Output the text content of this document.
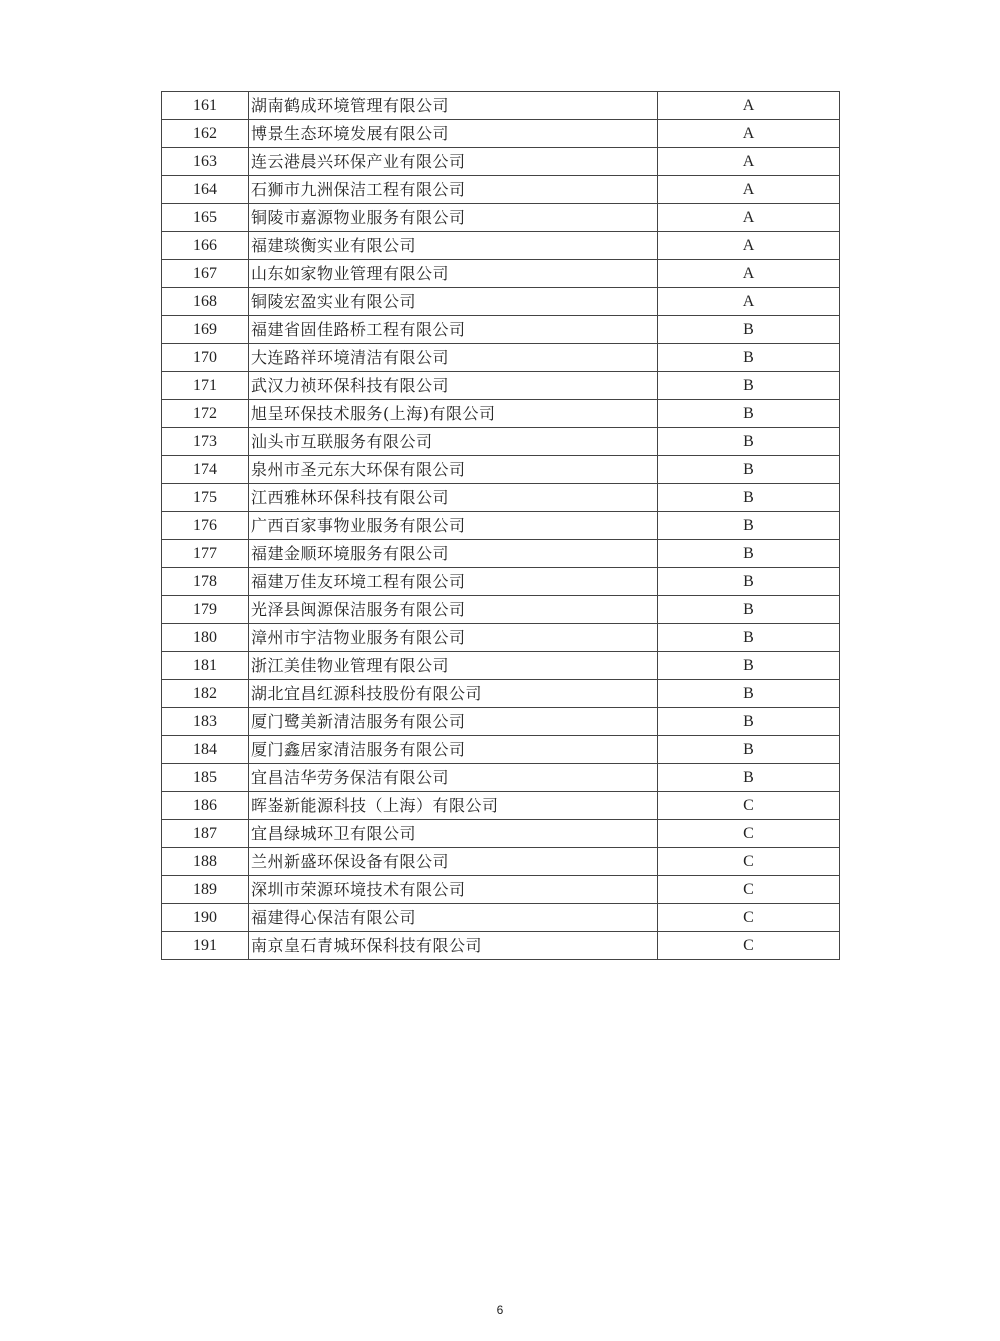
161	湖南鹤成环境管理有限公司	A
162	博景生态环境发展有限公司	A
163	连云港晨兴环保产业有限公司	A
164	石狮市九洲保洁工程有限公司	A
165	铜陵市嘉源物业服务有限公司	A
166	福建琰衡实业有限公司	A
167	山东如家物业管理有限公司	A
168	铜陵宏盈实业有限公司	A
169	福建省固佳路桥工程有限公司	B
170	大连路祥环境清洁有限公司	B
171	武汉力祯环保科技有限公司	B
172	旭呈环保技术服务(上海)有限公司	B
173	汕头市互联服务有限公司	B
174	泉州市圣元东大环保有限公司	B
175	江西雅林环保科技有限公司	B
176	广西百家事物业服务有限公司	B
177	福建金顺环境服务有限公司	B
178	福建万佳友环境工程有限公司	B
179	光泽县闽源保洁服务有限公司	B
180	漳州市宇洁物业服务有限公司	B
181	浙江美佳物业管理有限公司	B
182	湖北宜昌红源科技股份有限公司	B
183	厦门鹭美新清洁服务有限公司	B
184	厦门鑫居家清洁服务有限公司	B
185	宜昌洁华劳务保洁有限公司	B
186	晖崟新能源科技（上海）有限公司	C
187	宜昌绿城环卫有限公司	C
188	兰州新盛环保设备有限公司	C
189	深圳市荣源环境技术有限公司	C
190	福建得心保洁有限公司	C
191	南京皇石青城环保科技有限公司	C
6
